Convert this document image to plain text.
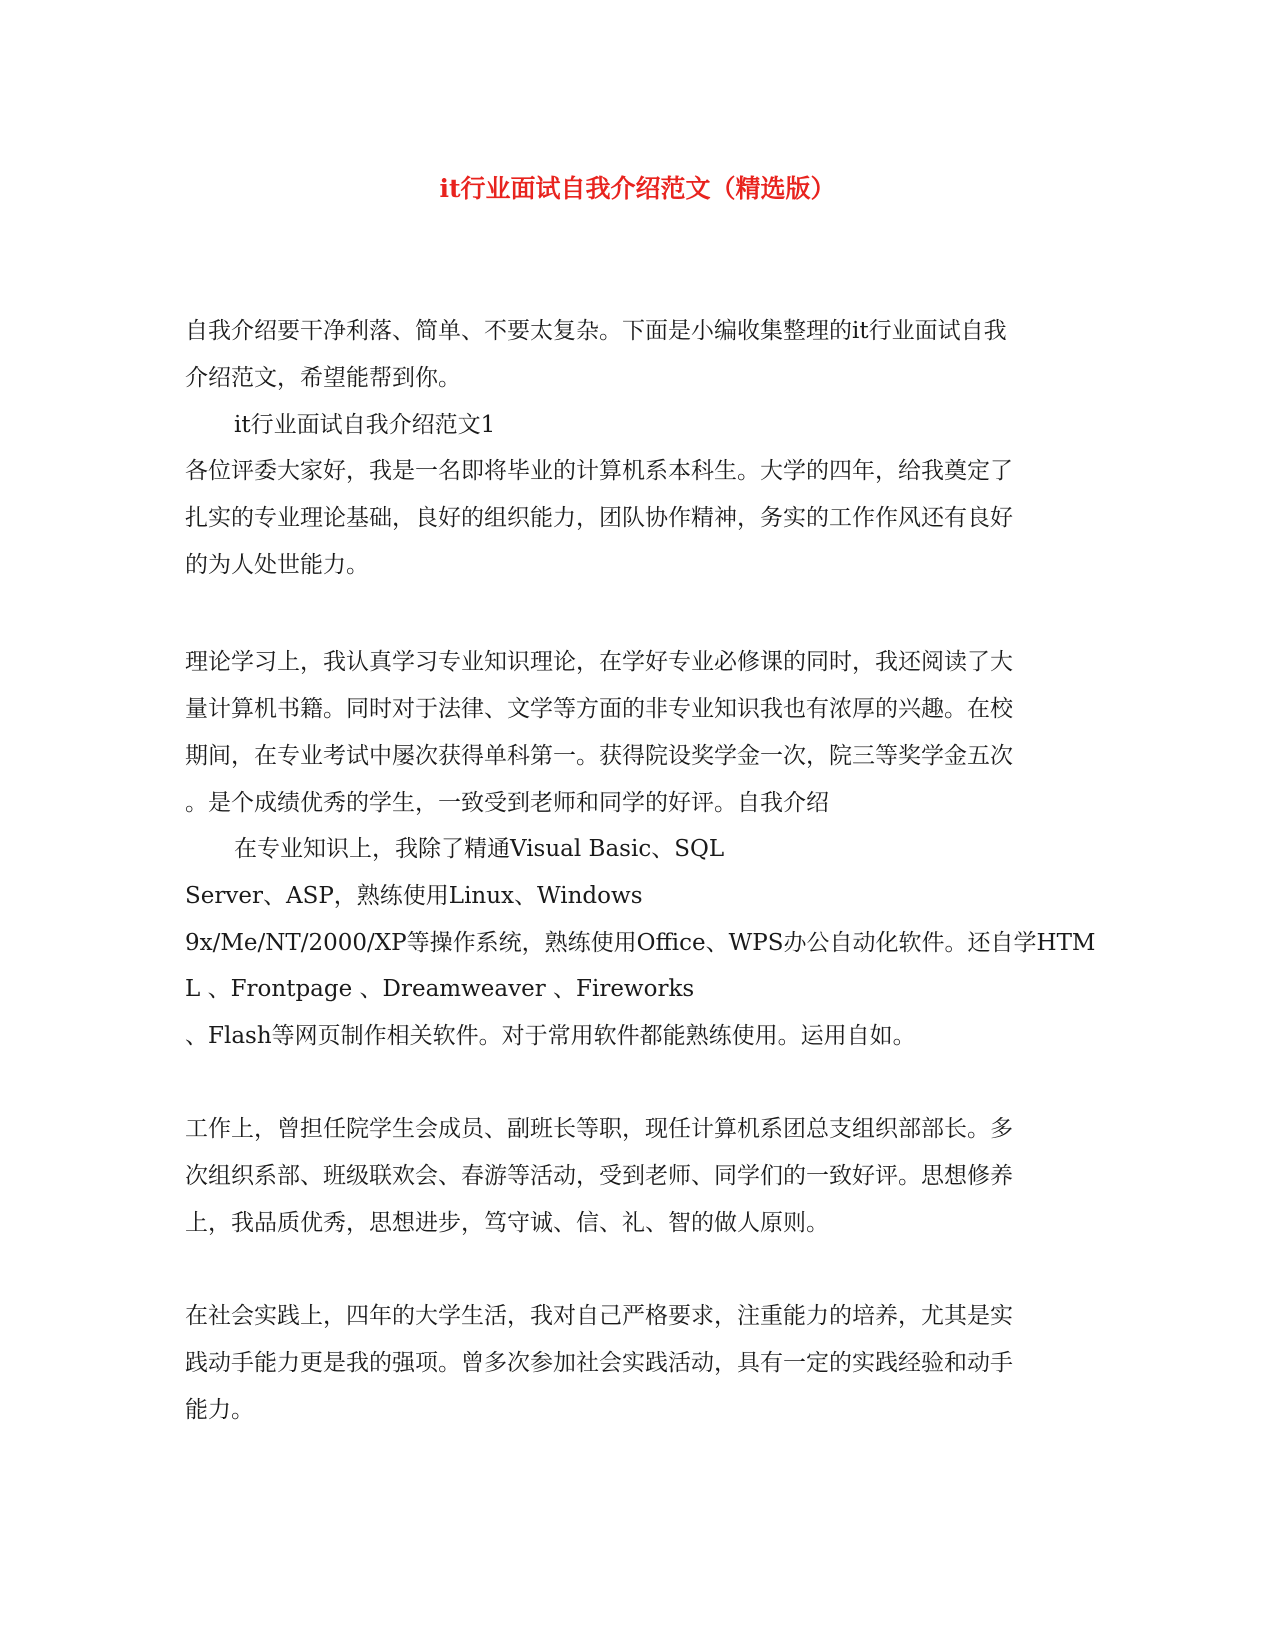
it行业面试自我介绍范文（精选版）
自我介绍要干净利落、简单、不要太复杂。下面是小编收集整理的it行业面试自我
介绍范文，希望能帮到你。
it行业面试自我介绍范文1
各位评委大家好，我是一名即将毕业的计算机系本科生。大学的四年，给我奠定了
扎实的专业理论基础，良好的组织能力，团队协作精神，务实的工作作风还有良好
的为人处世能力。
理论学习上，我认真学习专业知识理论，在学好专业必修课的同时，我还阅读了大
量计算机书籍。同时对于法律、文学等方面的非专业知识我也有浓厚的兴趣。在校
期间，在专业考试中屡次获得单科第一。获得院设奖学金一次，院三等奖学金五次
。是个成绩优秀的学生，一致受到老师和同学的好评。自我介绍
在专业知识上，我除了精通Visual Basic、SQL
Server、ASP，熟练使用Linux、Windows
9x/Me/NT/2000/XP等操作系统，熟练使用Office、WPS办公自动化软件。还自学HTM
L 、Frontpage 、Dreamweaver 、Fireworks
、Flash等网页制作相关软件。对于常用软件都能熟练使用。运用自如。
工作上，曾担任院学生会成员、副班长等职，现任计算机系团总支组织部部长。多
次组织系部、班级联欢会、春游等活动，受到老师、同学们的一致好评。思想修养
上，我品质优秀，思想进步，笃守诚、信、礼、智的做人原则。
在社会实践上，四年的大学生活，我对自己严格要求，注重能力的培养，尤其是实
践动手能力更是我的强项。曾多次参加社会实践活动，具有一定的实践经验和动手
能力。
